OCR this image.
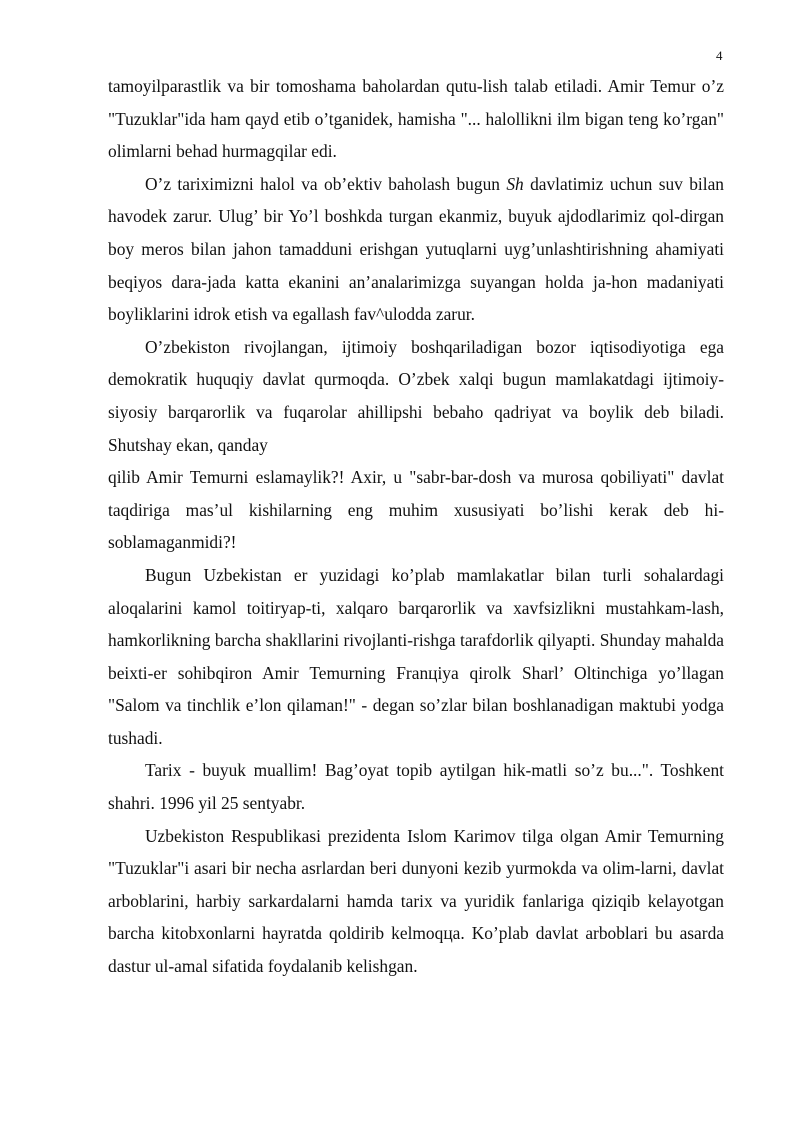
4

tamoyilparastlik va bir tomoshama baholardan qutu-lish talab etiladi. Amir Temur o’z "Tuzuklar"ida ham qayd etib o’tganidek, hamisha "... halollikni ilm bigan teng ko’rgan" olimlarni behad hurmagqilar edi.

O’z tariximizni halol va ob’ektiv baholash bugun Sh davlatimiz uchun suv bilan havodek zarur. Ulug’ bir Yo’l boshkda turgan ekanmiz, buyuk ajdodlarimiz qol-dirgan boy meros bilan jahon tamadduni erishgan yutuqlarni uyg’unlashtirishning ahamiyati beqiyos dara-jada katta ekanini an’analarimizga suyangan holda ja-hon madaniyati boyliklarini idrok etish va egallash fav^ulodda zarur.

O’zbekiston rivojlangan, ijtimoiy boshqariladigan bozor iqtisodiyotiga ega demokratik huquqiy davlat qurmoqda. O’zbek xalqi bugun mamlakatdagi ijtimoiy-siyosiy barqarorlik va fuqarolar ahillipshi bebaho qadriyat va boylik deb biladi. Shutshay ekan, qanday

qilib Amir Temurni eslamaylik?! Axir, u "sabr-bar-dosh va murosa qobiliyati" davlat taqdiriga mas’ul kishilarning eng muhim xususiyati bo’lishi kerak deb hi-soblamaganmidi?!

Bugun Uzbekistan er yuzidagi ko’plab mamlakatlar bilan turli sohalardagi aloqalarini kamol toitiryap-ti, xalqaro barqarorlik va xavfsizlikni mustahkam-lash, hamkorlikning barcha shakllarini rivojlanti-rishga tarafdorlik qilyapti. Shunday mahalda beixti-er sohibqiron Amir Temurning Franцiya qirolk Sharl’ Oltinchiga yo’llagan "Salom va tinchlik e’lon qilaman!" - degan so’zlar bilan boshlanadigan maktubi yodga tushadi.

Tarix - buyuk muallim! Bag’oyat topib aytilgan hik-matli so’z bu...". Toshkent shahri. 1996 yil 25 sentyabr.

Uzbekiston Respublikasi prezidenta Islom Karimov tilga olgan Amir Temurning "Tuzuklar"i asari bir necha asrlardan beri dunyoni kezib yurmokda va olim-larni, davlat arboblarini, harbiy sarkardalarni hamda tarix va yuridik fanlariga qiziqib kelayotgan barcha kitobxonlarni hayratda qoldirib kelmoqцa. Ko’plab davlat arboblari bu asarda dastur ul-amal sifatida foydalanib kelishgan.
